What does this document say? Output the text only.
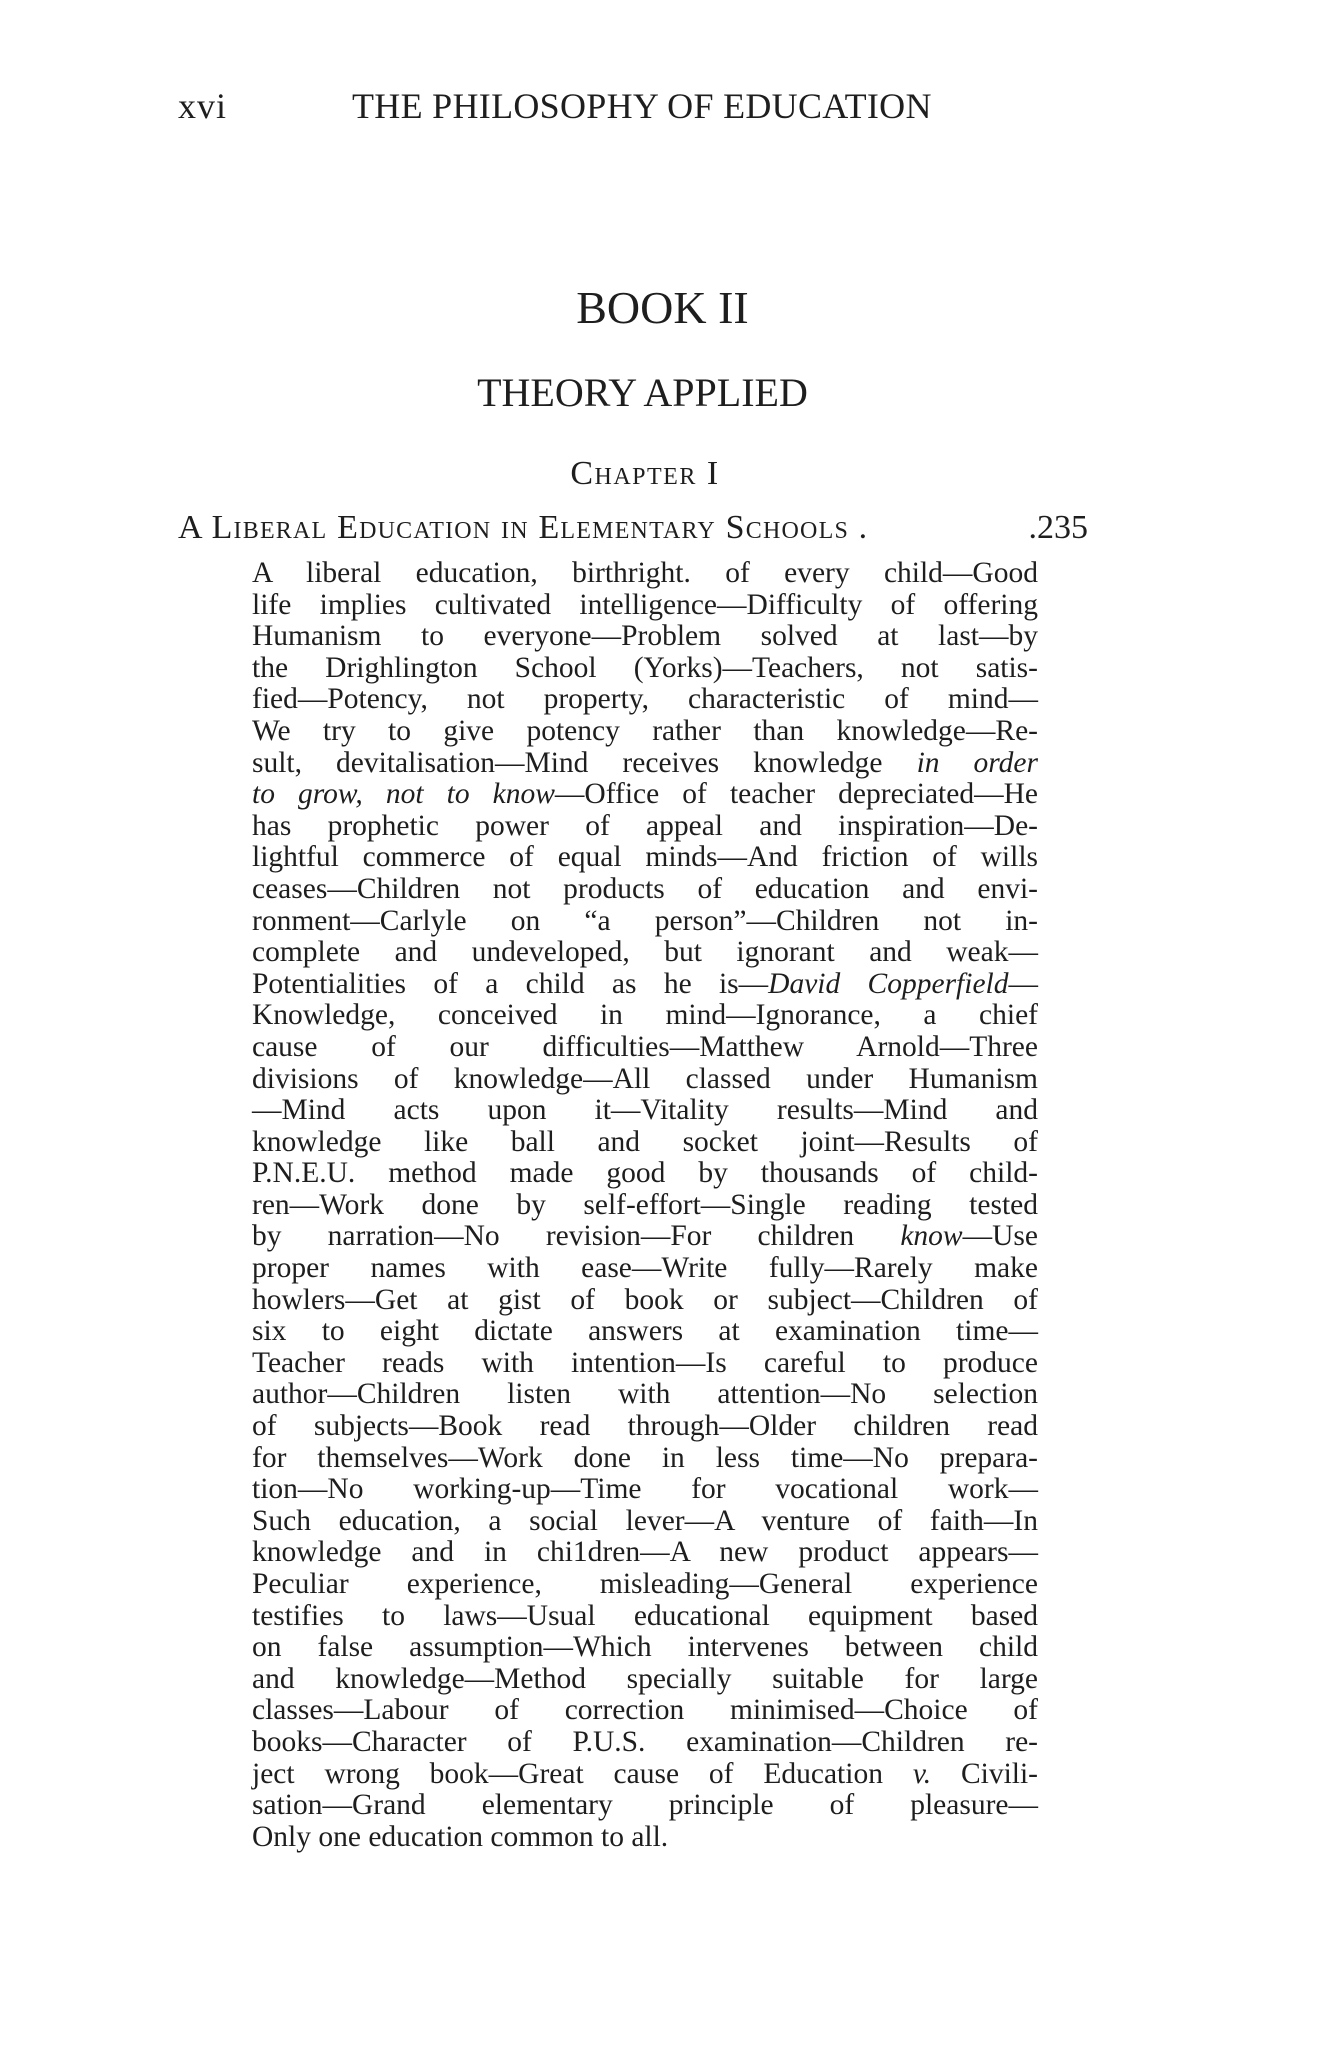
xvi	THE PHILOSOPHY OF EDUCATION
BOOK II
THEORY APPLIED
Chapter I
A Liberal Education in Elementary Schools .	.235
A liberal education, birthright. of every child—Good
life implies cultivated intelligence—Difficulty of offering
Humanism to everyone—Problem solved at last—by
the Drighlington School (Yorks)—Teachers, not satis-
fied—Potency, not property, characteristic of mind—
We try to give potency rather than knowledge—Re-
sult, devitalisation—Mind receives knowledge in order
to grow, not to know—Office of teacher depreciated—He
has prophetic power of appeal and inspiration—De-
lightful commerce of equal minds—And friction of wills
ceases—Children not products of education and envi-
ronment—Carlyle on “a person”—Children not in-
complete and undeveloped, but ignorant and weak—
Potentialities of a child as he is—David Copperfield—
Knowledge, conceived in mind—Ignorance, a chief
cause of our difficulties—Matthew Arnold—Three
divisions of knowledge—All classed under Humanism
—Mind acts upon it—Vitality results—Mind and
knowledge like ball and socket joint—Results of
P.N.E.U. method made good by thousands of child-
ren—Work done by self-effort—Single reading tested
by narration—No revision—For children know—Use
proper names with ease—Write fully—Rarely make
howlers—Get at gist of book or subject—Children of
six to eight dictate answers at examination time—
Teacher reads with intention—Is careful to produce
author—Children listen with attention—No selection
of subjects—Book read through—Older children read
for themselves—Work done in less time—No prepara-
tion—No working-up—Time for vocational work—
Such education, a social lever—A venture of faith—In
knowledge and in chi1dren—A new product appears—
Peculiar experience, misleading—General experience
testifies to laws—Usual educational equipment based
on false assumption—Which intervenes between child
and knowledge—Method specially suitable for large
classes—Labour of correction minimised—Choice of
books—Character of P.U.S. examination—Children re-
ject wrong book—Great cause of Education v. Civili-
sation—Grand elementary principle of pleasure—
Only one education common to all.
